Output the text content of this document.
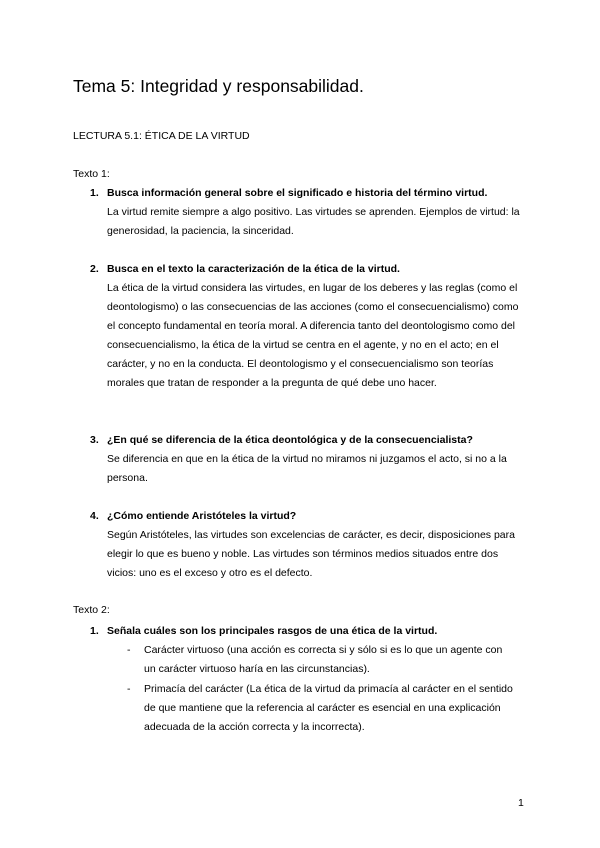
Tema 5: Integridad y responsabilidad.
LECTURA 5.1: ÉTICA DE LA VIRTUD
Texto 1:
1. Busca información general sobre el significado e historia del término virtud.
La virtud remite siempre a algo positivo. Las virtudes se aprenden. Ejemplos de virtud: la generosidad, la paciencia, la sinceridad.
2. Busca en el texto la caracterización de la ética de la virtud.
La ética de la virtud considera las virtudes, en lugar de los deberes y las reglas (como el deontologismo) o las consecuencias de las acciones (como el consecuencialismo) como el concepto fundamental en teoría moral. A diferencia tanto del deontologismo como del consecuencialismo, la ética de la virtud se centra en el agente, y no en el acto; en el carácter, y no en la conducta. El deontologismo y el consecuencialismo son teorías morales que tratan de responder a la pregunta de qué debe uno hacer.
3. ¿En qué se diferencia de la ética deontológica y de la consecuencialista?
Se diferencia en que en la ética de la virtud no miramos ni juzgamos el acto, si no a la persona.
4. ¿Cómo entiende Aristóteles la virtud?
Según Aristóteles, las virtudes son excelencias de carácter, es decir, disposiciones para elegir lo que es bueno y noble. Las virtudes son términos medios situados entre dos vicios: uno es el exceso y otro es el defecto.
Texto 2:
1. Señala cuáles son los principales rasgos de una ética de la virtud.
- Carácter virtuoso (una acción es correcta si y sólo si es lo que un agente con un carácter virtuoso haría en las circunstancias).
- Primacía del carácter (La ética de la virtud da primacía al carácter en el sentido de que mantiene que la referencia al carácter es esencial en una explicación adecuada de la acción correcta y la incorrecta).
1
